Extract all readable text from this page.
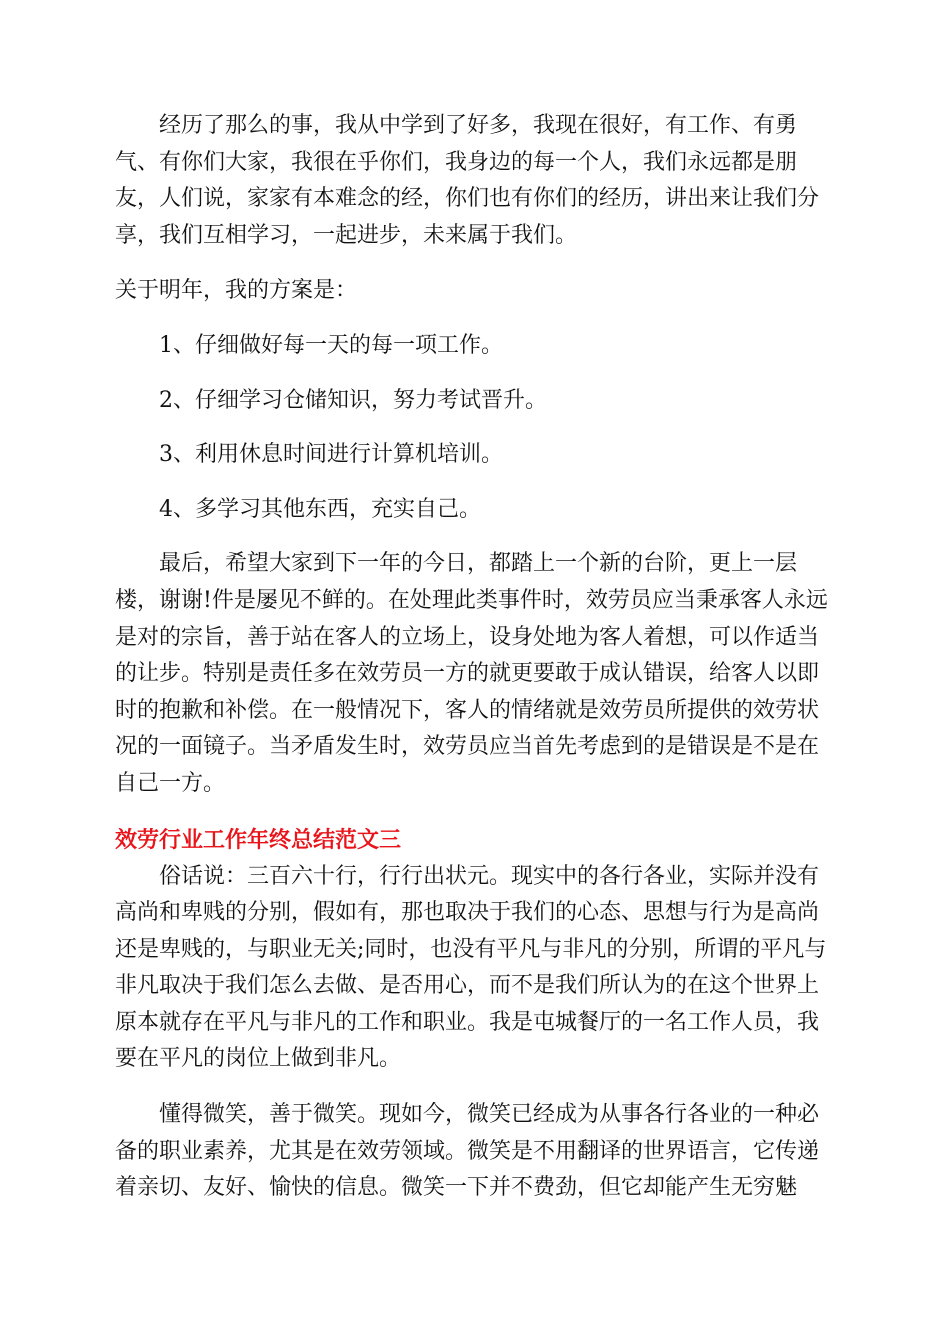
经历了那么的事，我从中学到了好多，我现在很好，有工作、有勇气、有你们大家，我很在乎你们，我身边的每一个人，我们永远都是朋友，人们说，家家有本难念的经，你们也有你们的经历，讲出来让我们分享，我们互相学习，一起进步，未来属于我们。

关于明年，我的方案是：

1、仔细做好每一天的每一项工作。

2、仔细学习仓储知识，努力考试晋升。

3、利用休息时间进行计算机培训。

4、多学习其他东西，充实自己。

最后，希望大家到下一年的今日，都踏上一个新的台阶，更上一层楼，谢谢!件是屡见不鲜的。在处理此类事件时，效劳员应当秉承客人永远是对的宗旨，善于站在客人的立场上，设身处地为客人着想，可以作适当的让步。特别是责任多在效劳员一方的就更要敢于成认错误，给客人以即时的抱歉和补偿。在一般情况下，客人的情绪就是效劳员所提供的效劳状况的一面镜子。当矛盾发生时，效劳员应当首先考虑到的是错误是不是在自己一方。

效劳行业工作年终总结范文三

俗话说：三百六十行，行行出状元。现实中的各行各业，实际并没有高尚和卑贱的分别，假如有，那也取决于我们的心态、思想与行为是高尚还是卑贱的，与职业无关;同时，也没有平凡与非凡的分别，所谓的平凡与非凡取决于我们怎么去做、是否用心，而不是我们所认为的在这个世界上原本就存在平凡与非凡的工作和职业。我是屯城餐厅的一名工作人员，我要在平凡的岗位上做到非凡。

懂得微笑，善于微笑。现如今，微笑已经成为从事各行各业的一种必备的职业素养，尤其是在效劳领域。微笑是不用翻译的世界语言，它传递着亲切、友好、愉快的信息。微笑一下并不费劲，但它却能产生无穷魅
